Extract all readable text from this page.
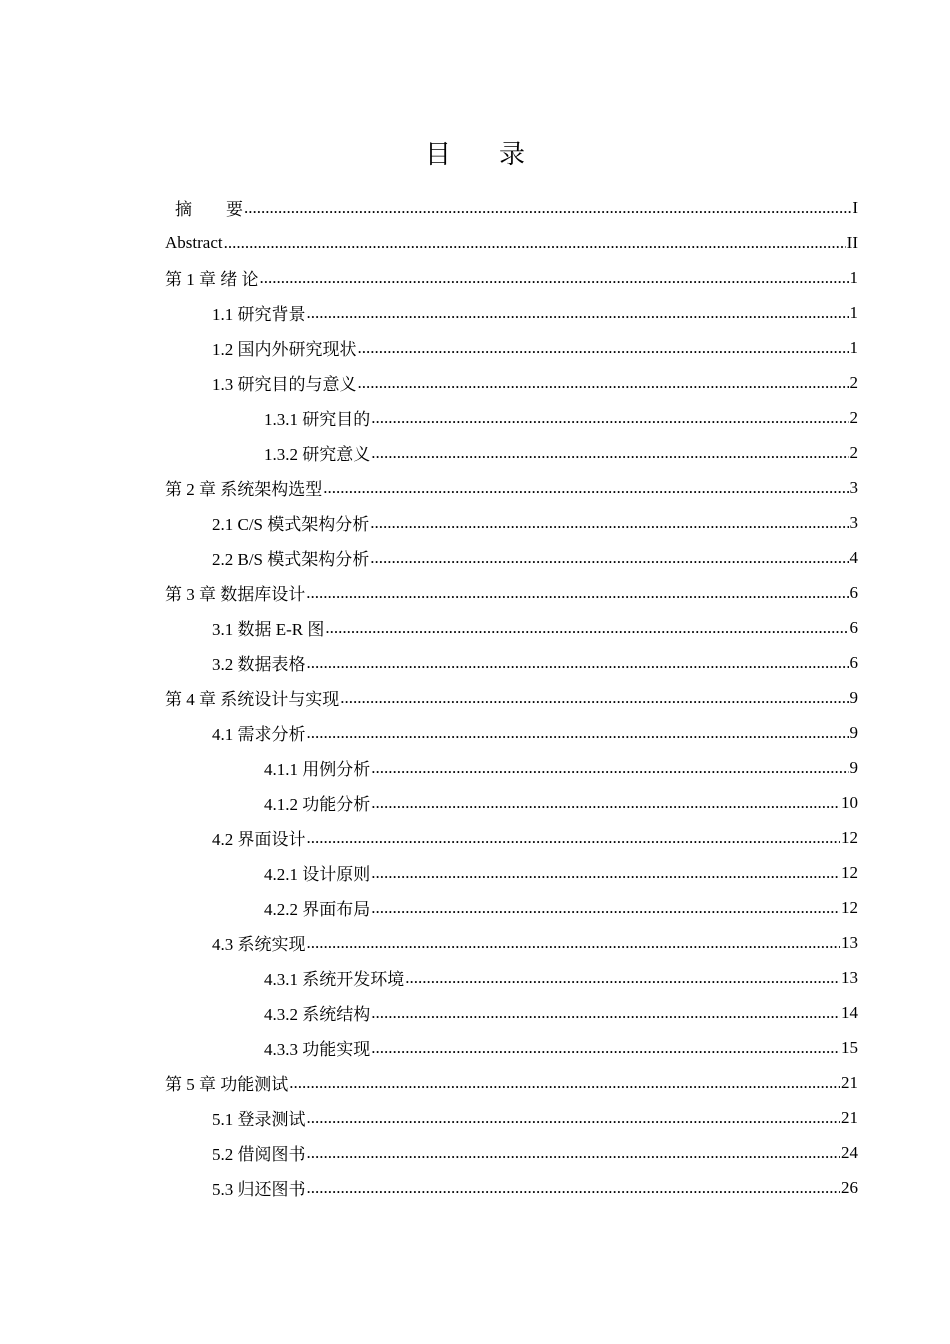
目 录
摘　　要 .....	I
Abstract .....	II
第 1 章 绪 论 .....	1
1.1 研究背景 .....	1
1.2 国内外研究现状 .....	1
1.3 研究目的与意义 .....	2
1.3.1 研究目的 .....	2
1.3.2 研究意义 .....	2
第 2 章 系统架构选型 .....	3
2.1 C/S 模式架构分析 .....	3
2.2 B/S 模式架构分析 .....	4
第 3 章 数据库设计 .....	6
3.1 数据 E-R 图 .....	6
3.2 数据表格 .....	6
第 4 章 系统设计与实现 .....	9
4.1 需求分析 .....	9
4.1.1 用例分析 .....	9
4.1.2 功能分析 .....	10
4.2 界面设计 .....	12
4.2.1 设计原则 .....	12
4.2.2 界面布局 .....	12
4.3 系统实现 .....	13
4.3.1 系统开发环境 .....	13
4.3.2 系统结构 .....	14
4.3.3 功能实现 .....	15
第 5 章 功能测试 .....	21
5.1 登录测试 .....	21
5.2 借阅图书 .....	24
5.3 归还图书 .....	26
